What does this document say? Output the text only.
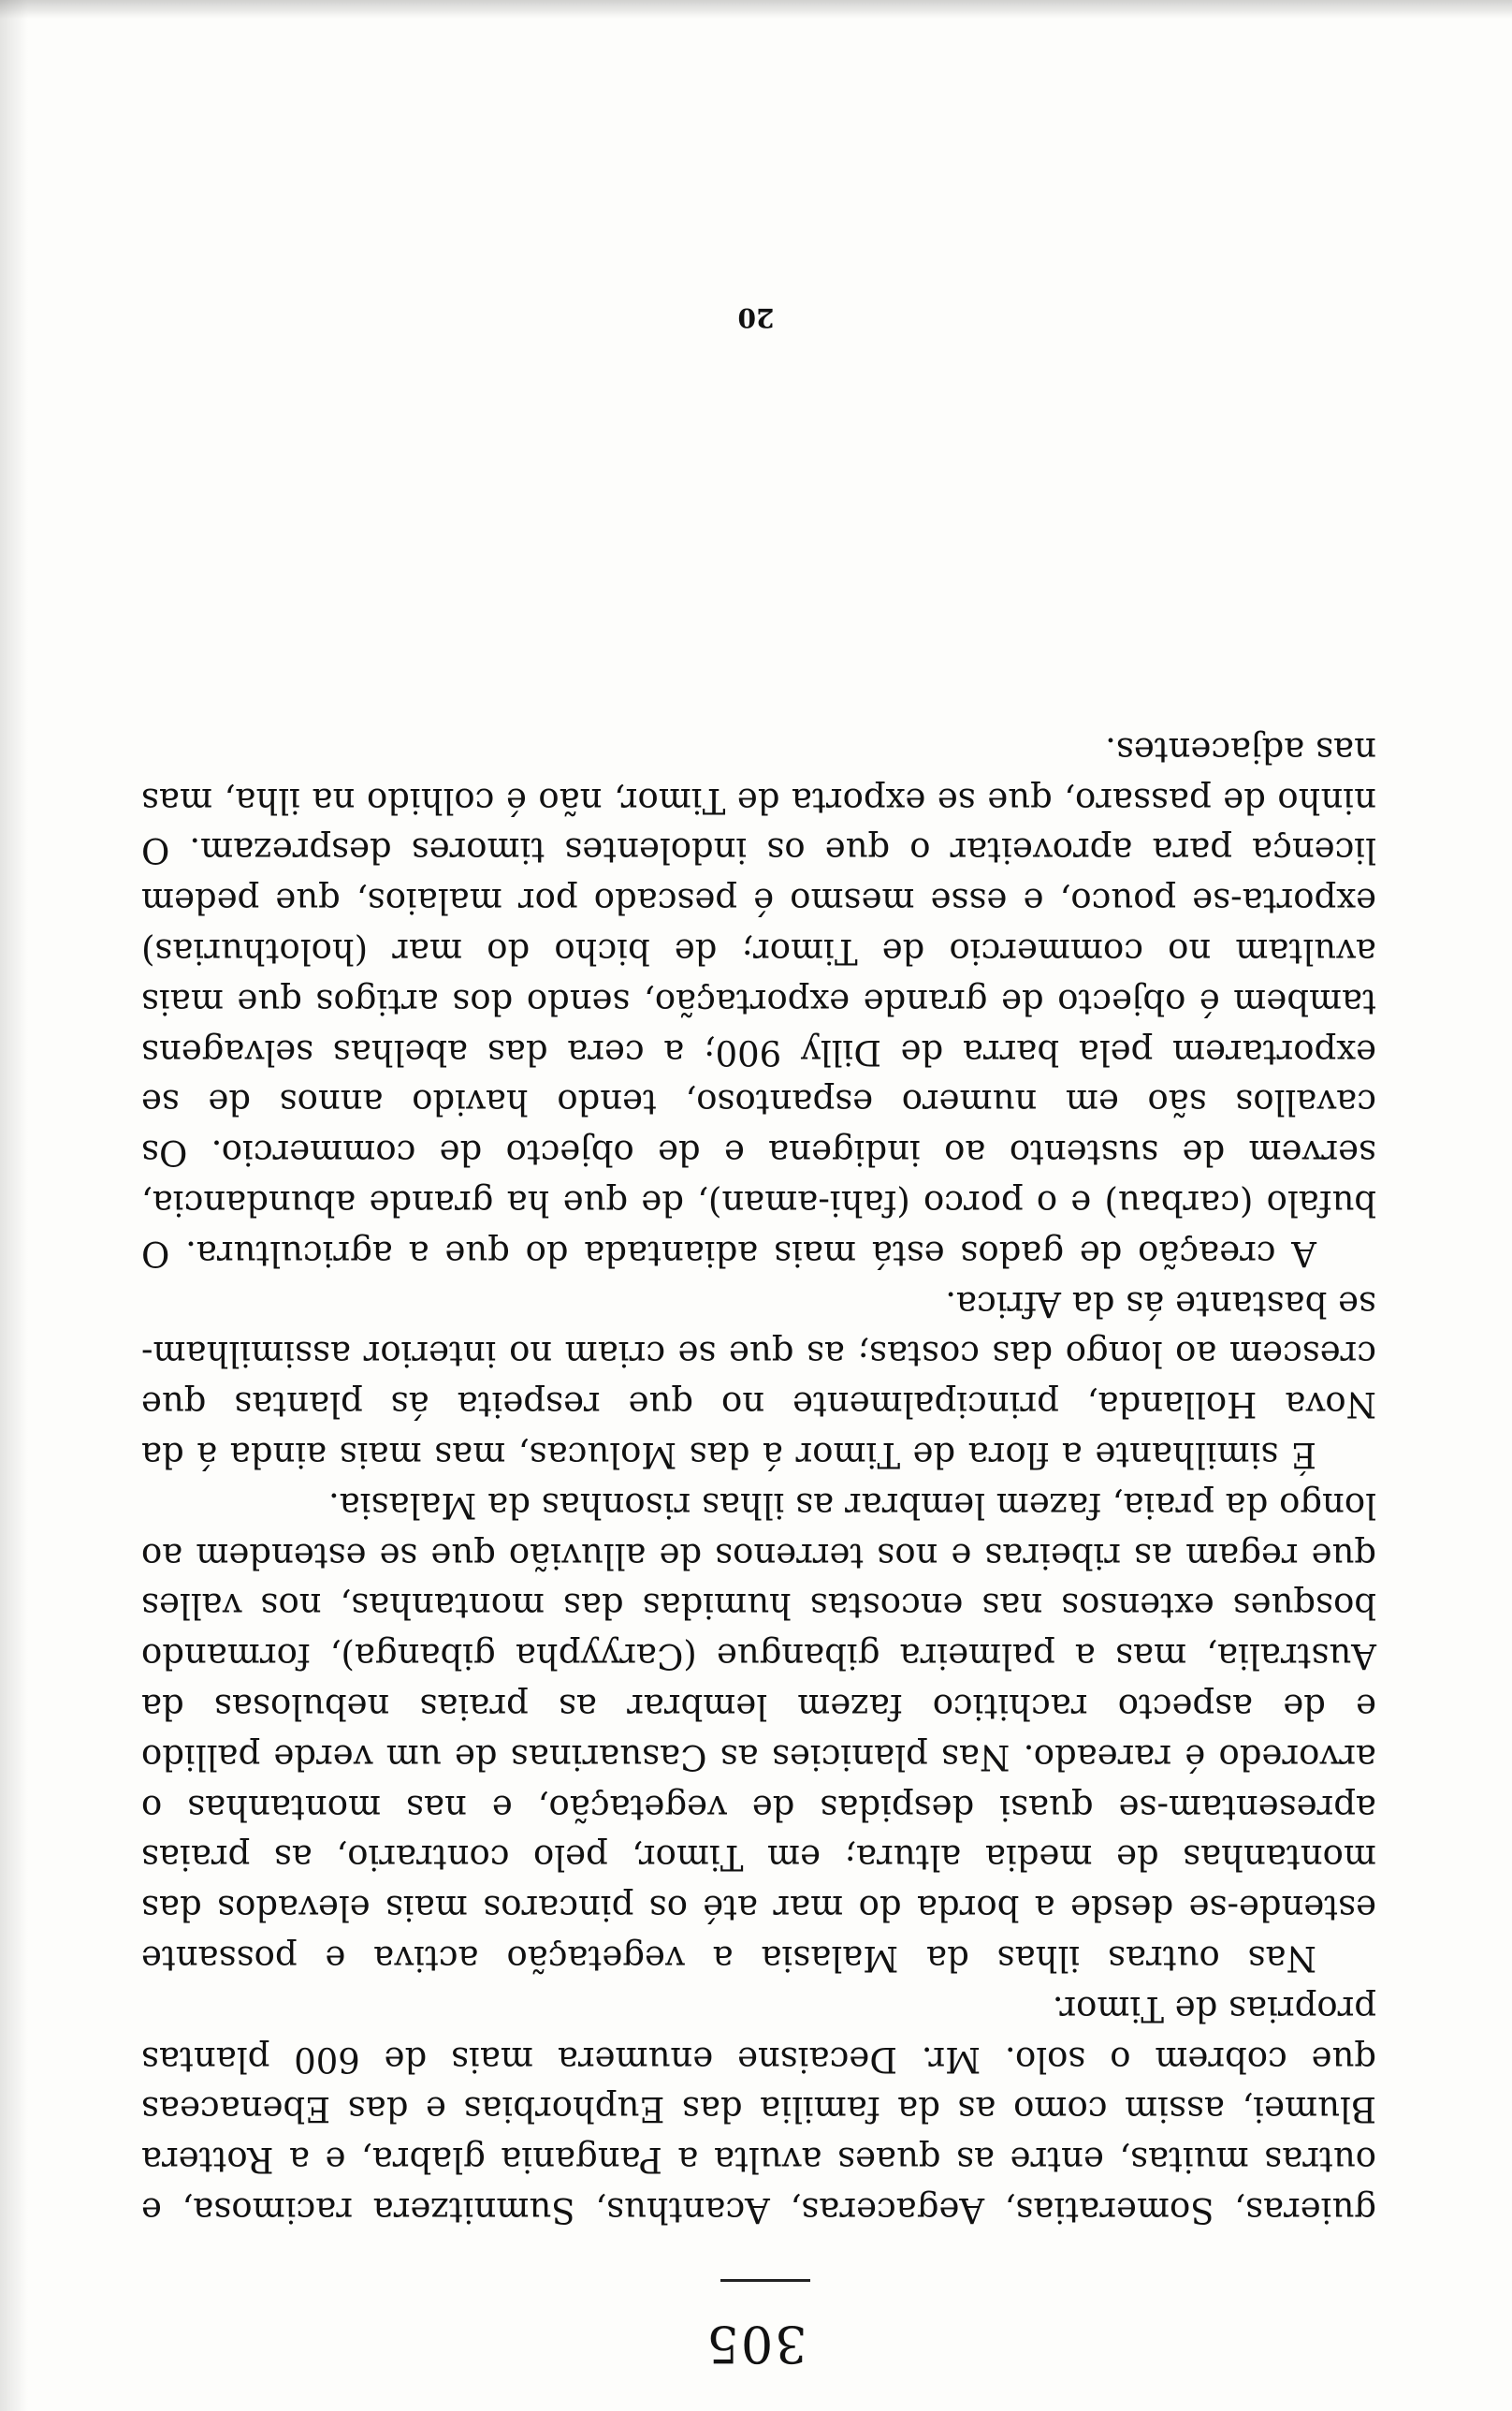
305

guieras, Someratias, Aegaceras, Acanthus, Sumnitzera racimosa, e outras muitas, entre as quaes avulta a Pangania glabra, e a Rottera Blumei, assim como as da familia das Euphorbias e das Ebenaceas que cobrem o solo. Mr. Decaisne enumera mais de 600 plantas proprias de Timor.

Nas outras ilhas da Malasia a vegetação activa e possante estende-se desde a borda do mar até os pincaros mais elevados das montanhas de media altura; em Timor, pelo contrario, as praias apresentam-se quasi despidas de vegetação, e nas montanhas o arvoredo é rareado. Nas planicies as Casuarinas de um verde pallido e de aspecto rachitico fazem lembrar as praias nebulosas da Australia, mas a palmeira gibangue (Caryypha gibanga), formando bosques extensos nas encostas humidas das montanhas, nos valles que regam as ribeiras e nos terrenos de alluvião que se estendem ao longo da praia, fazem lembrar as ilhas risonhas da Malasia.

É similhante a flora de Timor á das Molucas, mas mais ainda á da Nova Hollanda, principalmente no que respeita ás plantas que crescem ao longo das costas; as que se criam no interior assimilham-se bastante ás da Africa.

A creação de gados está mais adiantada do que a agricultura. O bufalo (carbau) e o porco (fahi-aman), de que ha grande abundancia, servem de sustento ao indigena e de objecto de commercio. Os cavallos são em numero espantoso, tendo havido annos de se exportarem pela barra de Dilly 900; a cera das abelhas selvagens tambem é objecto de grande exportação, sendo dos artigos que mais avultam no commercio de Timor; de bicho do mar (holothurias) exporta-se pouco, e esse mesmo é pescado por malaios, que pedem licença para aproveitar o que os indolentes timores desprezam. O ninho de passaro, que se exporta de Timor, não é colhido na ilha, mas nas adjacentes.

20
